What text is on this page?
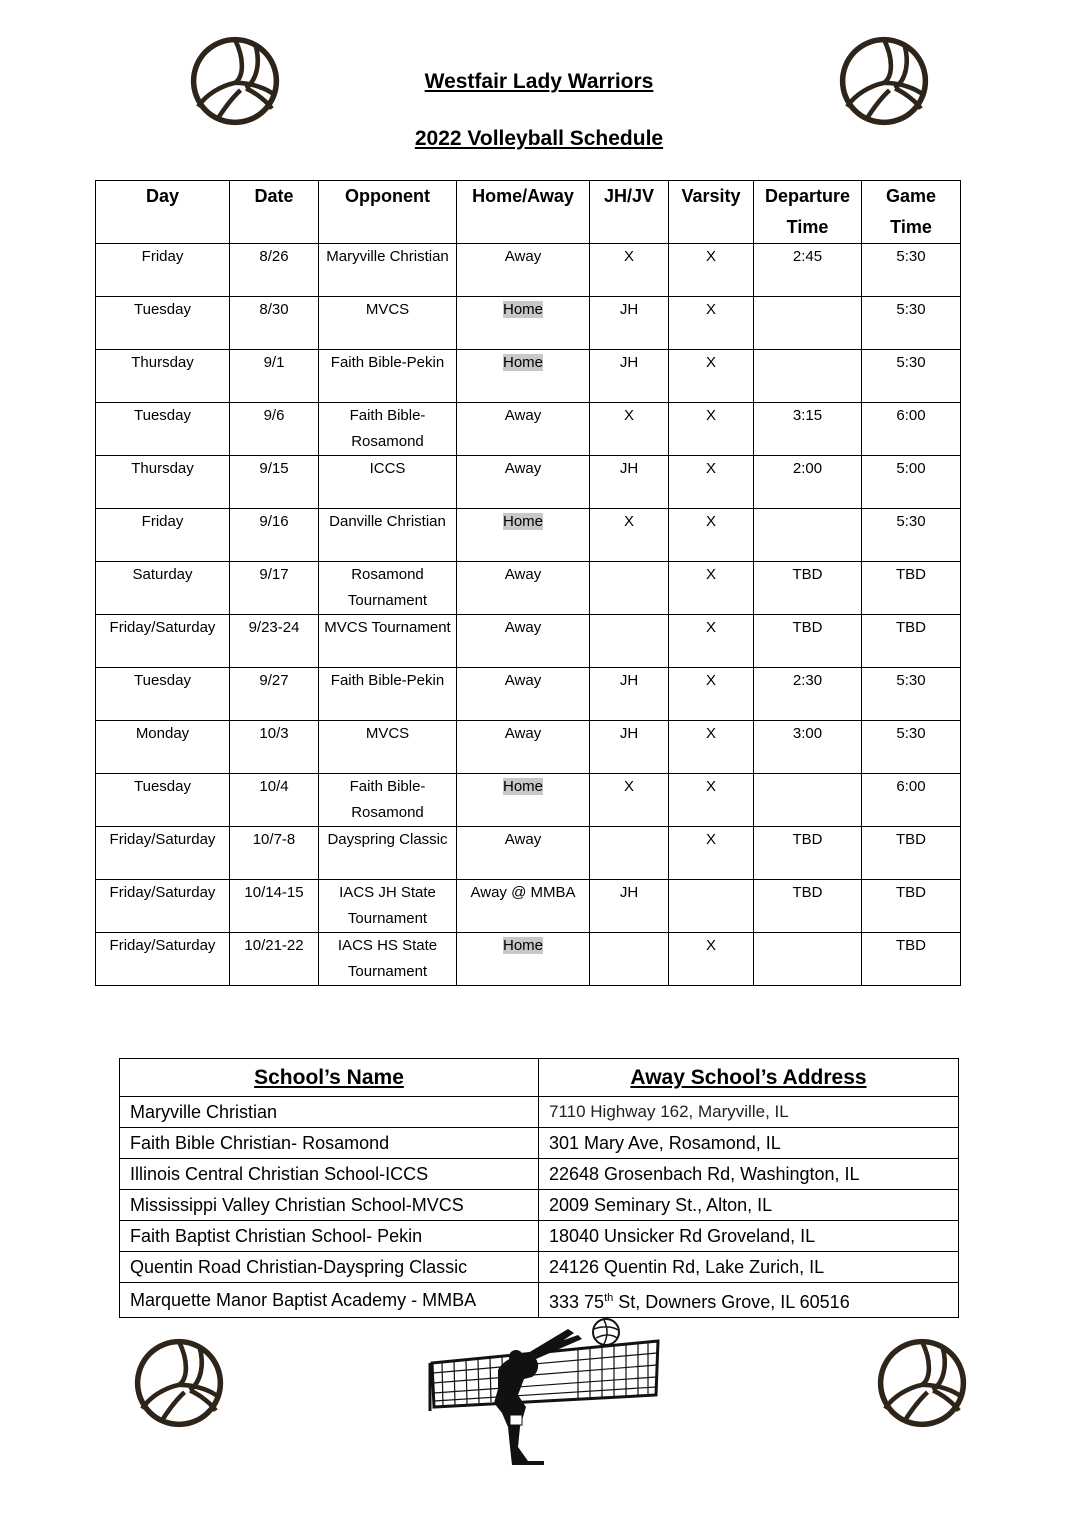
Westfair Lady Warriors
2022 Volleyball Schedule
Day	Date	Opponent	Home/Away	JH/JV	Varsity	Departure Time	Game Time
Friday	8/26	Maryville Christian	Away	X	X	2:45	5:30
Tuesday	8/30	MVCS	Home	JH	X		5:30
Thursday	9/1	Faith Bible-Pekin	Home	JH	X		5:30
Tuesday	9/6	Faith Bible-Rosamond	Away	X	X	3:15	6:00
Thursday	9/15	ICCS	Away	JH	X	2:00	5:00
Friday	9/16	Danville Christian	Home	X	X		5:30
Saturday	9/17	Rosamond Tournament	Away		X	TBD	TBD
Friday/Saturday	9/23-24	MVCS Tournament	Away		X	TBD	TBD
Tuesday	9/27	Faith Bible-Pekin	Away	JH	X	2:30	5:30
Monday	10/3	MVCS	Away	JH	X	3:00	5:30
Tuesday	10/4	Faith Bible-Rosamond	Home	X	X		6:00
Friday/Saturday	10/7-8	Dayspring Classic	Away		X	TBD	TBD
Friday/Saturday	10/14-15	IACS JH State Tournament	Away @ MMBA	JH		TBD	TBD
Friday/Saturday	10/21-22	IACS HS State Tournament	Home		X		TBD
School’s Name	Away School’s Address
Maryville Christian	7110 Highway 162, Maryville, IL
Faith Bible Christian- Rosamond	301 Mary Ave, Rosamond, IL
Illinois Central Christian School-ICCS	22648 Grosenbach Rd, Washington, IL
Mississippi Valley Christian School-MVCS	2009 Seminary St., Alton, IL
Faith Baptist Christian School- Pekin	18040 Unsicker Rd Groveland, IL
Quentin Road Christian-Dayspring Classic	24126 Quentin Rd, Lake Zurich, IL
Marquette Manor Baptist Academy - MMBA	333 75th St, Downers Grove, IL 60516
